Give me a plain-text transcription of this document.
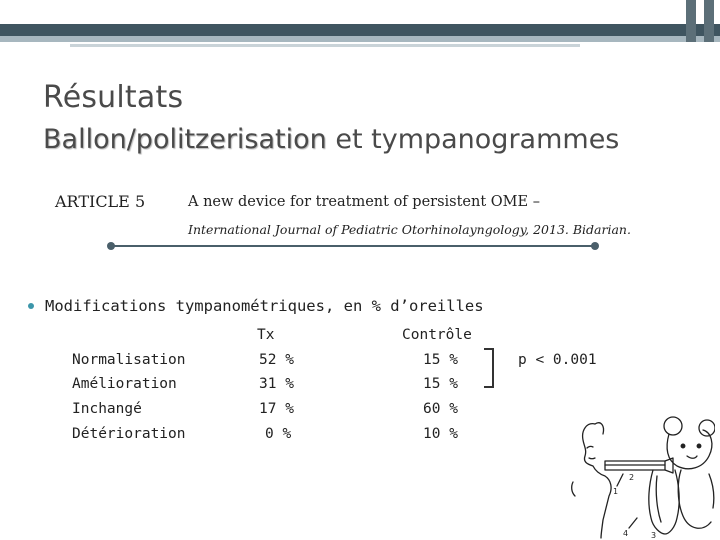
Résultats
Ballon/politzerisation et tympanogrammes
ARTICLE 5	A new device for treatment of persistent OME –
International Journal of Pediatric Otorhinolayngology, 2013. Bidarian.
Modifications tympanométriques, en % d’oreilles
Tx	Contrôle
Normalisation	52 %	15 %
Amélioration	31 %	15 %
Inchangé	17 %	60 %
Détérioration	0 %	10 %
p < 0.001
1
2
3
4
